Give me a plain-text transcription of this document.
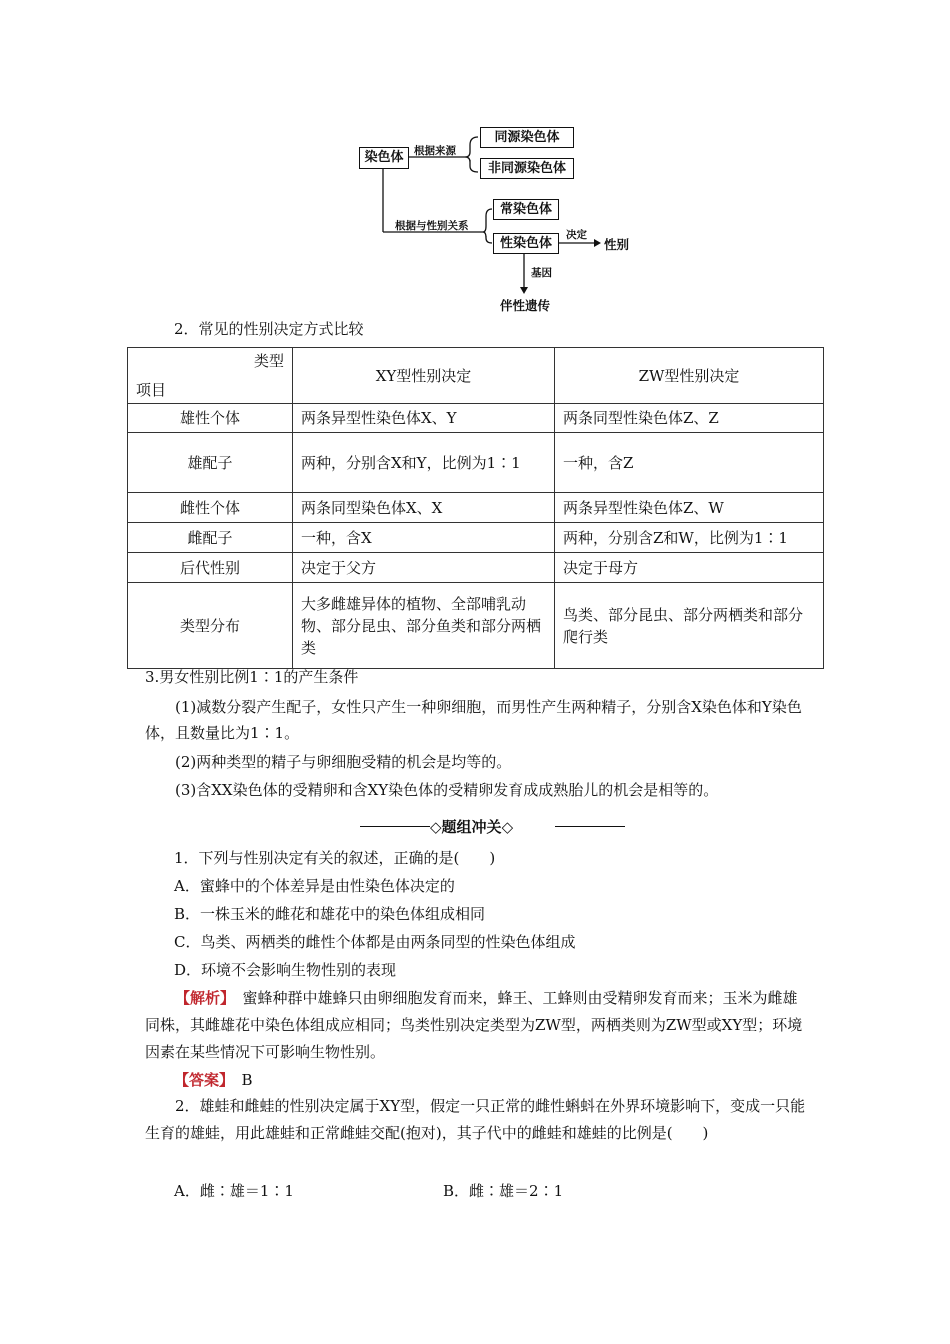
染色体	根据来源
同源染色体
非同源染色体
根据与性别关系
常染色体
性染色体
决定
性别
基因
伴性遗传
2．常见的性别决定方式比较
类型
项目	XY型性别决定	ZW型性别决定
雄性个体	两条异型性染色体X、Y	两条同型性染色体Z、Z
雄配子	两种，分别含X和Y，比例为1∶1	一种，含Z
雌性个体	两条同型染色体X、X	两条异型性染色体Z、W
雌配子	一种，含X	两种，分别含Z和W，比例为1∶1
后代性别	决定于父方	决定于母方
类型分布	大多雌雄异体的植物、全部哺乳动物、部分昆虫、部分鱼类和部分两栖类	鸟类、部分昆虫、部分两栖类和部分爬行类
3.男女性别比例1∶1的产生条件
(1)减数分裂产生配子，女性只产生一种卵细胞，而男性产生两种精子，分别含X染色体和Y染色体，且数量比为1∶1。
(2)两种类型的精子与卵细胞受精的机会是均等的。
(3)含XX染色体的受精卵和含XY染色体的受精卵发育成成熟胎儿的机会是相等的。
◇题组冲关◇
1．下列与性别决定有关的叙述，正确的是(　　)
A．蜜蜂中的个体差异是由性染色体决定的
B．一株玉米的雌花和雄花中的染色体组成相同
C．鸟类、两栖类的雌性个体都是由两条同型的性染色体组成
D．环境不会影响生物性别的表现
【解析】　 蜜蜂种群中雄蜂只由卵细胞发育而来，蜂王、工蜂则由受精卵发育而来；玉米为雌雄同株，其雌雄花中染色体组成应相同；鸟类性别决定类型为ZW型，两栖类则为ZW型或XY型；环境因素在某些情况下可影响生物性别。
【答案】　 B
2．雄蛙和雌蛙的性别决定属于XY型，假定一只正常的雌性蝌蚪在外界环境影响下，变成一只能生育的雄蛙，用此雄蛙和正常雌蛙交配(抱对)，其子代中的雌蛙和雄蛙的比例是(　　)
A．雌∶雄＝1∶1	B．雌∶雄＝2∶1
